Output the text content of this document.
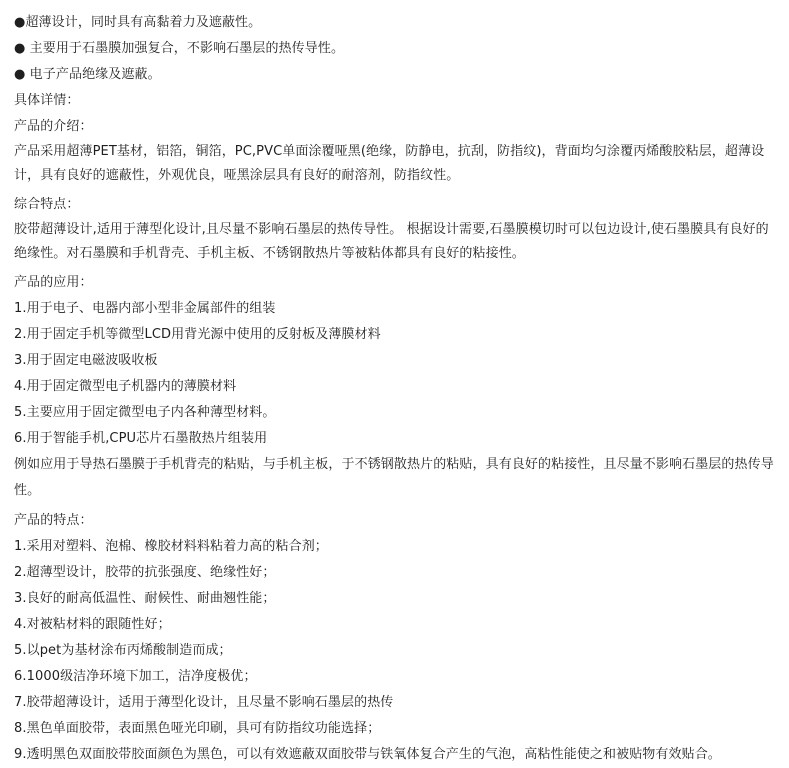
●超薄设计，同时具有高黏着力及遮蔽性。
● 主要用于石墨膜加强复合，不影响石墨层的热传导性。
● 电子产品绝缘及遮蔽。
具体详情：
产品的介绍：
产品采用超薄PET基材，铝箔，铜箔，PC,PVC单面涂覆哑黑(绝缘，防静电，抗刮，防指纹)，背面均匀涂覆丙烯酸胶粘层，超薄设计，具有良好的遮蔽性，外观优良，哑黑涂层具有良好的耐溶剂，防指纹性。
综合特点：
胶带超薄设计,适用于薄型化设计,且尽量不影响石墨层的热传导性。 根据设计需要,石墨膜模切时可以包边设计,使石墨膜具有良好的绝缘性。对石墨膜和手机背壳、手机主板、不锈钢散热片等被粘体都具有良好的粘接性。
产品的应用：
1.用于电子、电器内部小型非金属部件的组装
2.用于固定手机等微型LCD用背光源中使用的反射板及薄膜材料
3.用于固定电磁波吸收板
4.用于固定微型电子机器内的薄膜材料
5.主要应用于固定微型电子内各种薄型材料。
6.用于智能手机,CPU芯片石墨散热片组装用
例如应用于导热石墨膜于手机背壳的粘贴，与手机主板，于不锈钢散热片的粘贴，具有良好的粘接性，且尽量不影响石墨层的热传导性。
产品的特点：
1.采用对塑料、泡棉、橡胶材料料粘着力高的粘合剂；
2.超薄型设计，胶带的抗张强度、绝缘性好；
3.良好的耐高低温性、耐候性、耐曲翘性能；
4.对被粘材料的跟随性好；
5.以pet为基材涂布丙烯酸制造而成；
6.1000级洁净环境下加工，洁净度极优；
7.胶带超薄设计，适用于薄型化设计，且尽量不影响石墨层的热传
8.黑色单面胶带，表面黑色哑光印刷，具可有防指纹功能选择；
9.透明黑色双面胶带胶面颜色为黑色，可以有效遮蔽双面胶带与铁氧体复合产生的气泡，高粘性能使之和被贴物有效贴合。
